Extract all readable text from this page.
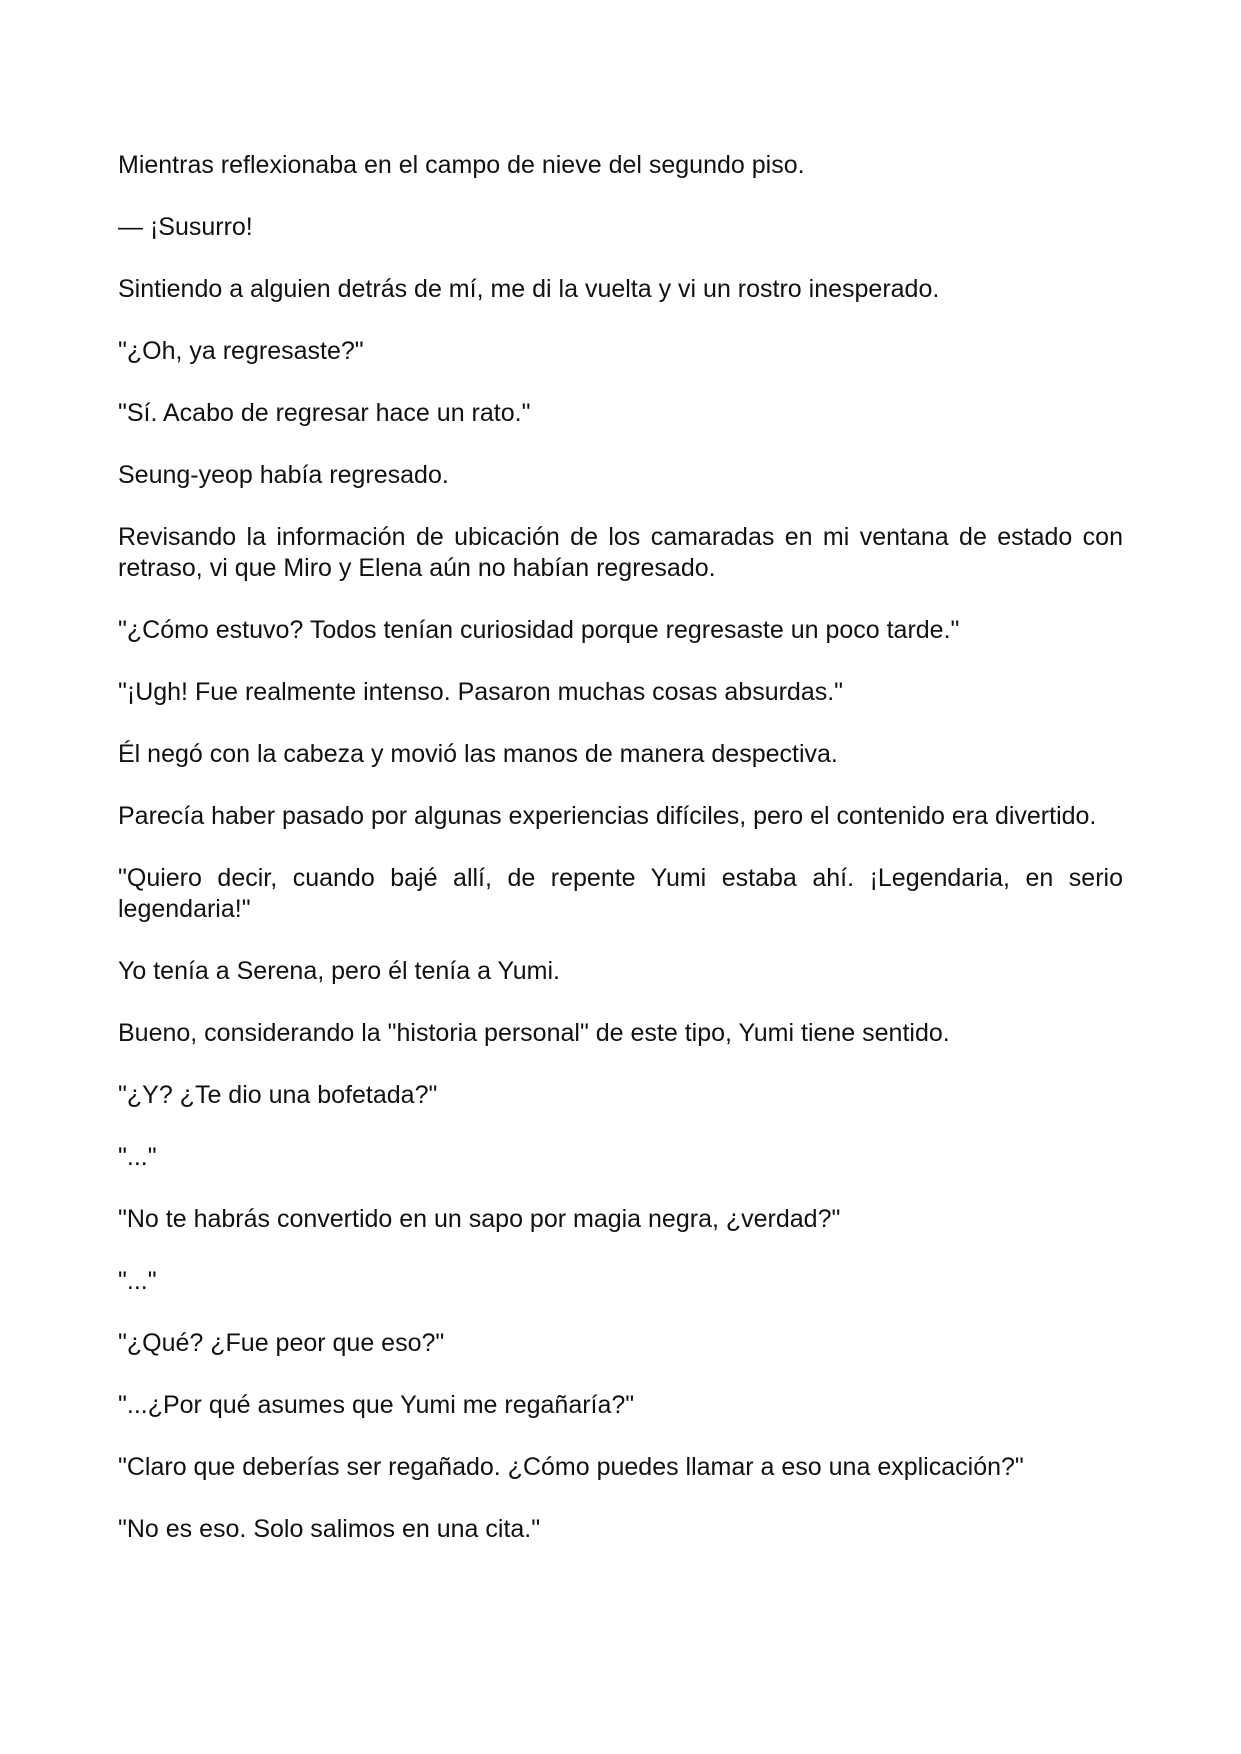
Mientras reflexionaba en el campo de nieve del segundo piso.

— ¡Susurro!

Sintiendo a alguien detrás de mí, me di la vuelta y vi un rostro inesperado.

"¿Oh, ya regresaste?"

"Sí. Acabo de regresar hace un rato."

Seung-yeop había regresado.

Revisando la información de ubicación de los camaradas en mi ventana de estado con retraso, vi que Miro y Elena aún no habían regresado.

"¿Cómo estuvo? Todos tenían curiosidad porque regresaste un poco tarde."

"¡Ugh! Fue realmente intenso. Pasaron muchas cosas absurdas."

Él negó con la cabeza y movió las manos de manera despectiva.

Parecía haber pasado por algunas experiencias difíciles, pero el contenido era divertido.

"Quiero decir, cuando bajé allí, de repente Yumi estaba ahí. ¡Legendaria, en serio legendaria!"

Yo tenía a Serena, pero él tenía a Yumi.

Bueno, considerando la "historia personal" de este tipo, Yumi tiene sentido.

"¿Y? ¿Te dio una bofetada?"

"..."

"No te habrás convertido en un sapo por magia negra, ¿verdad?"

"..."

"¿Qué? ¿Fue peor que eso?"

"...¿Por qué asumes que Yumi me regañaría?"

"Claro que deberías ser regañado. ¿Cómo puedes llamar a eso una explicación?"

"No es eso. Solo salimos en una cita."
